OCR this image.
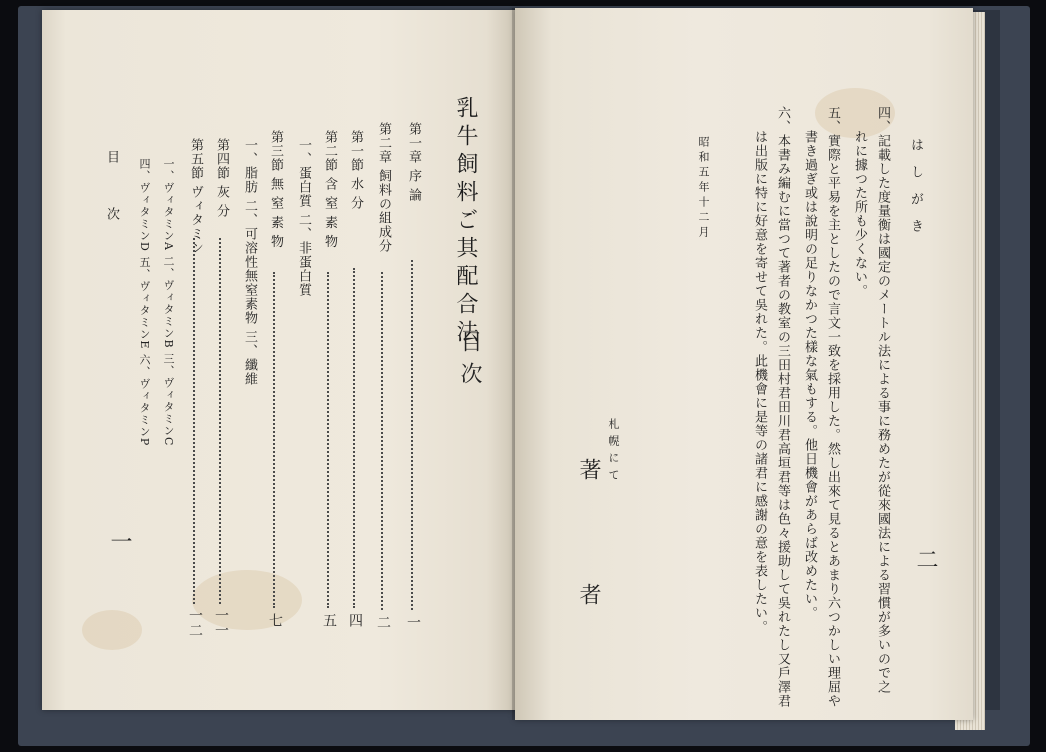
乳牛飼料ご其配合法
目次
第一章 序 論
一
第二章 飼料の組成分
二
第一節 水 分
四
第二節 含 窒 素 物
五
一、蛋白質 二、非蛋白質
第三節 無 窒 素 物
七
一、脂肪 二、可溶性無窒素物 三、纖維
第四節 灰 分
一一
第五節 ヴィタミン
一二
一、ヴィタミンA 二、ヴィタミンB 三、ヴィタミンC
四、ヴィタミンD 五、ヴィタミンE 六、ヴィタミンP
目 次
一
はしがき
二
四、記載した度量衡は國定のメートル法による事に務めたが從來國法による習慣が多いので之
れに據つた所も少くない。
五、實際と平易を主としたので言文一致を採用した。然し出來て見るとあまり六つかしい理屈や
書き過ぎ或は說明の足りなかつた樣な氣もする。他日機會があらば改めたい。
六、本書み編むに當つて著者の教室の三田村君田川君高垣君等は色々援助して吳れたし又戶澤君
は出版に特に好意を寄せて吳れた。此機會に是等の諸君に感謝の意を表したい。
昭和五年十二月
札幌にて
著 者
